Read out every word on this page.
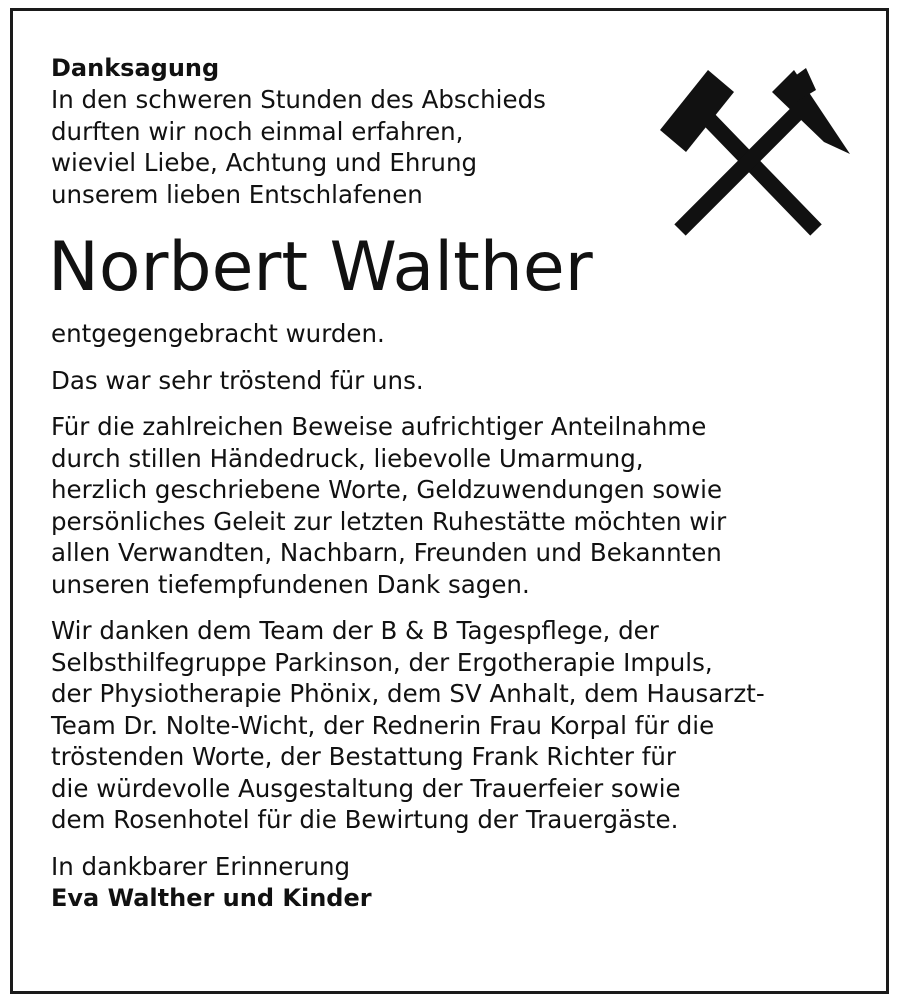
Danksagung

In den schweren Stunden des Abschieds
durften wir noch einmal erfahren,
wieviel Liebe, Achtung und Ehrung
unserem lieben Entschlafenen

Norbert Walther

entgegengebracht wurden.

Das war sehr tröstend für uns.

Für die zahlreichen Beweise aufrichtiger Anteilnahme
durch stillen Händedruck, liebevolle Umarmung,
herzlich geschriebene Worte, Geldzuwendungen sowie
persönliches Geleit zur letzten Ruhestätte möchten wir
allen Verwandten, Nachbarn, Freunden und Bekannten
unseren tiefempfundenen Dank sagen.

Wir danken dem Team der B & B Tagespflege, der
Selbsthilfegruppe Parkinson, der Ergotherapie Impuls,
der Physiotherapie Phönix, dem SV Anhalt, dem Hausarzt-
Team Dr. Nolte-Wicht, der Rednerin Frau Korpal für die
tröstenden Worte, der Bestattung Frank Richter für
die würdevolle Ausgestaltung der Trauerfeier sowie
dem Rosenhotel für die Bewirtung der Trauergäste.

In dankbarer Erinnerung

Eva Walther und Kinder
